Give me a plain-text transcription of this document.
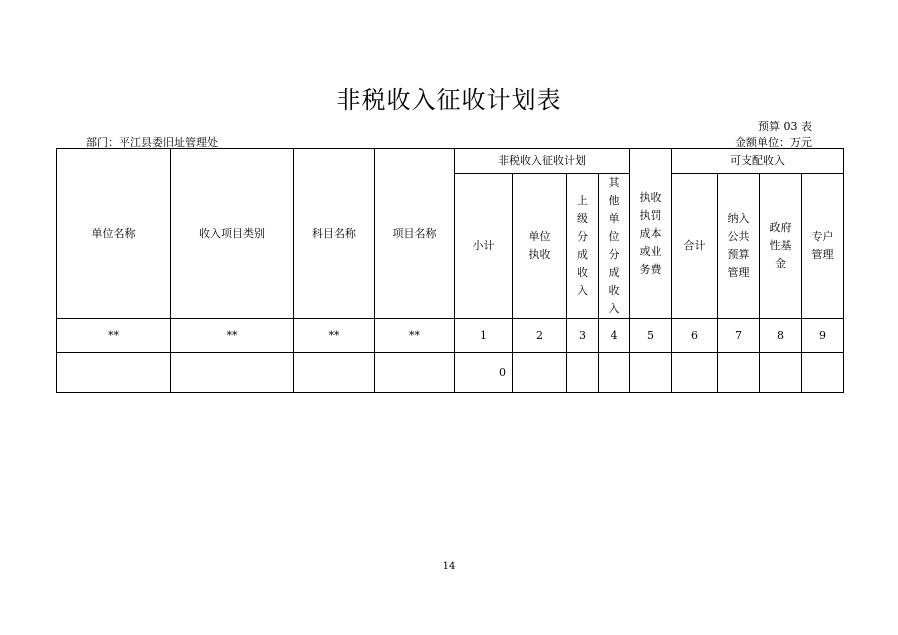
非税收入征收计划表
预算 03 表
部门：平江县委旧址管理处	金额单位：万元
单位名称	收入项目类别	科目名称	项目名称	非税收入征收计划				执收执罚成本或业务费	可支配收入			
				小计	单位执收	上级分成收入	其他单位分成收入		合计	纳入公共预算管理	政府性基金	专户管理

**	**	**	**	1	2	3	4	5	6	7	8	9
				0								
14
